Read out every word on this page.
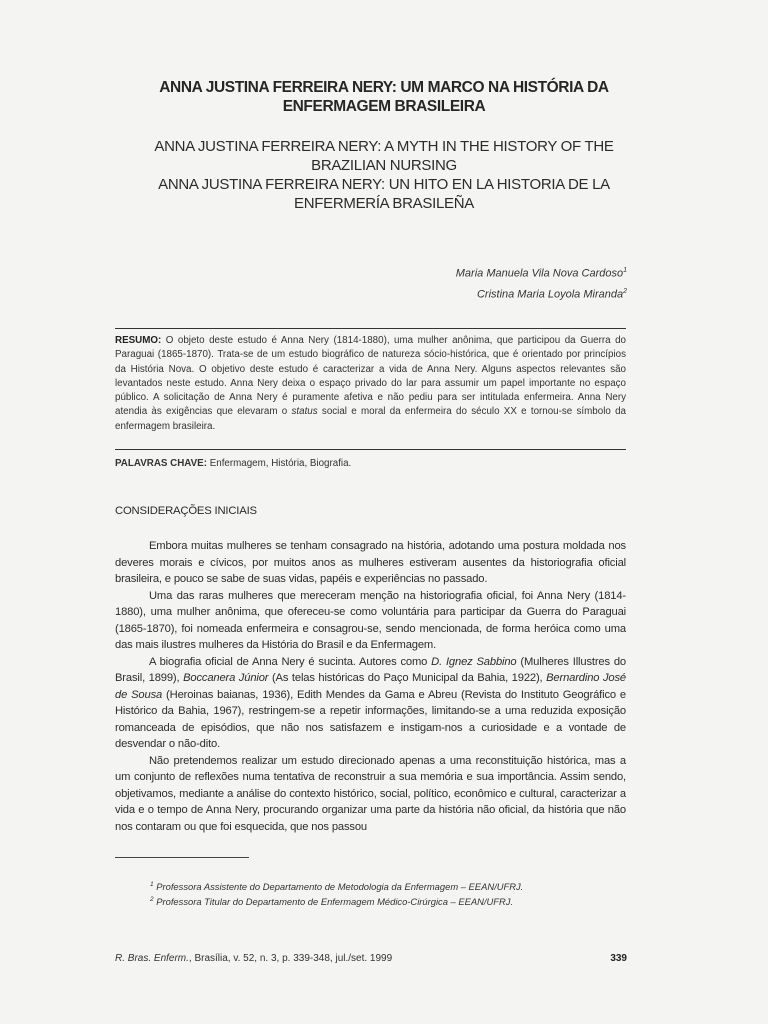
ANNA JUSTINA FERREIRA NERY: UM MARCO NA HISTÓRIA DA
ENFERMAGEM BRASILEIRA
ANNA JUSTINA FERREIRA NERY: A MYTH IN THE HISTORY OF THE
BRAZILIAN NURSING
ANNA JUSTINA FERREIRA NERY: UN HITO EN LA HISTORIA DE LA
ENFERMERÍA BRASILEÑA
Maria Manuela Vila Nova Cardoso$^1$
Cristina Maria Loyola Miranda$^2$
RESUMO: O objeto deste estudo é Anna Nery (1814-1880), uma mulher anônima, que participou da Guerra do Paraguai (1865-1870). Trata-se de um estudo biográfico de natureza sócio-histórica, que é orientado por princípios da História Nova. O objetivo deste estudo é caracterizar a vida de Anna Nery. Alguns aspectos relevantes são levantados neste estudo. Anna Nery deixa o espaço privado do lar para assumir um papel importante no espaço público. A solicitação de Anna Nery é puramente afetiva e não pediu para ser intitulada enfermeira. Anna Nery atendia às exigências que elevaram o status social e moral da enfermeira do século XX e tornou-se símbolo da enfermagem brasileira.
PALAVRAS CHAVE: Enfermagem, História, Biografia.
CONSIDERAÇÕES INICIAIS

Embora muitas mulheres se tenham consagrado na história, adotando uma postura moldada nos deveres morais e cívicos, por muitos anos as mulheres estiveram ausentes da historiografia oficial brasileira, e pouco se sabe de suas vidas, papéis e experiências no passado.

Uma das raras mulheres que mereceram menção na historiografia oficial, foi Anna Nery (1814-1880), uma mulher anônima, que ofereceu-se como voluntária para participar da Guerra do Paraguai (1865-1870), foi nomeada enfermeira e consagrou-se, sendo mencionada, de forma heróica como uma das mais ilustres mulheres da História do Brasil e da Enfermagem.

A biografia oficial de Anna Nery é sucinta. Autores como D. Ignez Sabbino (Mulheres Illustres do Brasil, 1899), Boccanera Júnior (As telas históricas do Paço Municipal da Bahia, 1922), Bernardino José de Sousa (Heroinas baianas, 1936), Edith Mendes da Gama e Abreu (Revista do Instituto Geográfico e Histórico da Bahia, 1967), restringem-se a repetir informações, limitando-se a uma reduzida exposição romanceada de episódios, que não nos satisfazem e instigam-nos a curiosidade e a vontade de desvendar o não-dito.

Não pretendemos realizar um estudo direcionado apenas a uma reconstituição histórica, mas a um conjunto de reflexões numa tentativa de reconstruir a sua memória e sua importância. Assim sendo, objetivamos, mediante a análise do contexto histórico, social, político, econômico e cultural, caracterizar a vida e o tempo de Anna Nery, procurando organizar uma parte da história não oficial, da história que não nos contaram ou que foi esquecida, que nos passou

$^1$ Professora Assistente do Departamento de Metodologia da Enfermagem – EEAN/UFRJ.
$^2$ Professora Titular do Departamento de Enfermagem Médico-Cirúrgica – EEAN/UFRJ.
R. Bras. Enferm., Brasília, v. 52, n. 3, p. 339-348, jul./set. 1999	339
